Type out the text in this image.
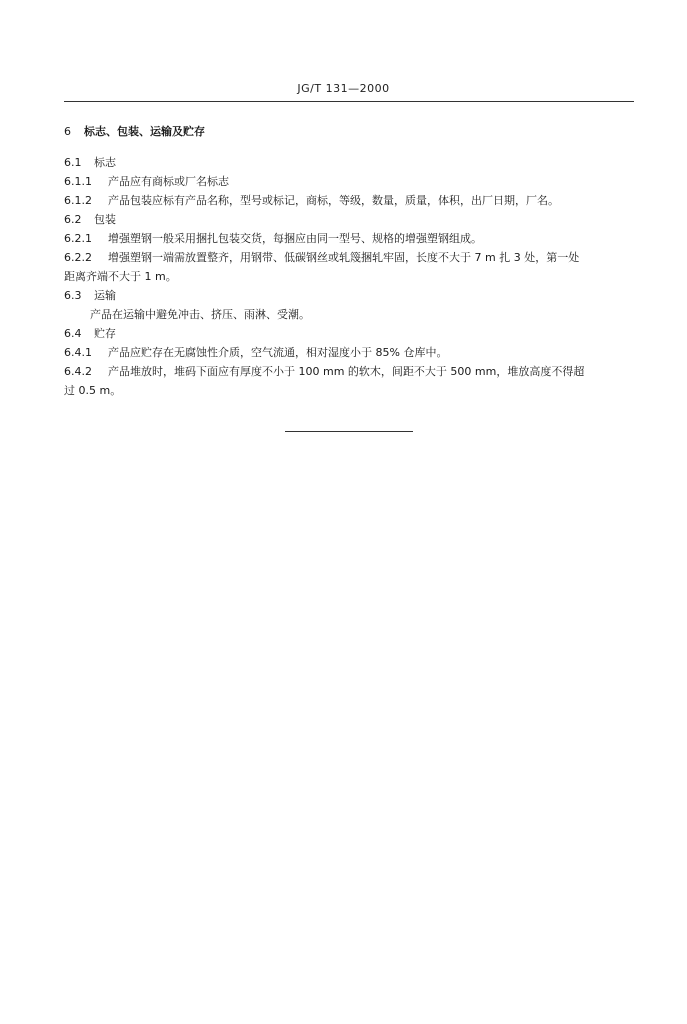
JG/T 131—2000
6 标志、包装、运输及贮存
6.1 标志
6.1.1 产品应有商标或厂名标志
6.1.2 产品包装应标有产品名称，型号或标记，商标，等级，数量，质量，体积，出厂日期，厂名。
6.2 包装
6.2.1 增强塑钢一般采用捆扎包装交货，每捆应由同一型号、规格的增强塑钢组成。
6.2.2 增强塑钢一端需放置整齐，用钢带、低碳钢丝或轧篾捆轧牢固，长度不大于 7 m 扎 3 处，第一处
距离齐端不大于 1 m。
6.3 运输
产品在运输中避免冲击、挤压、雨淋、受潮。
6.4 贮存
6.4.1 产品应贮存在无腐蚀性介质，空气流通，相对湿度小于 85% 仓库中。
6.4.2 产品堆放时，堆码下面应有厚度不小于 100 mm 的软木，间距不大于 500 mm，堆放高度不得超
过 0.5 m。
